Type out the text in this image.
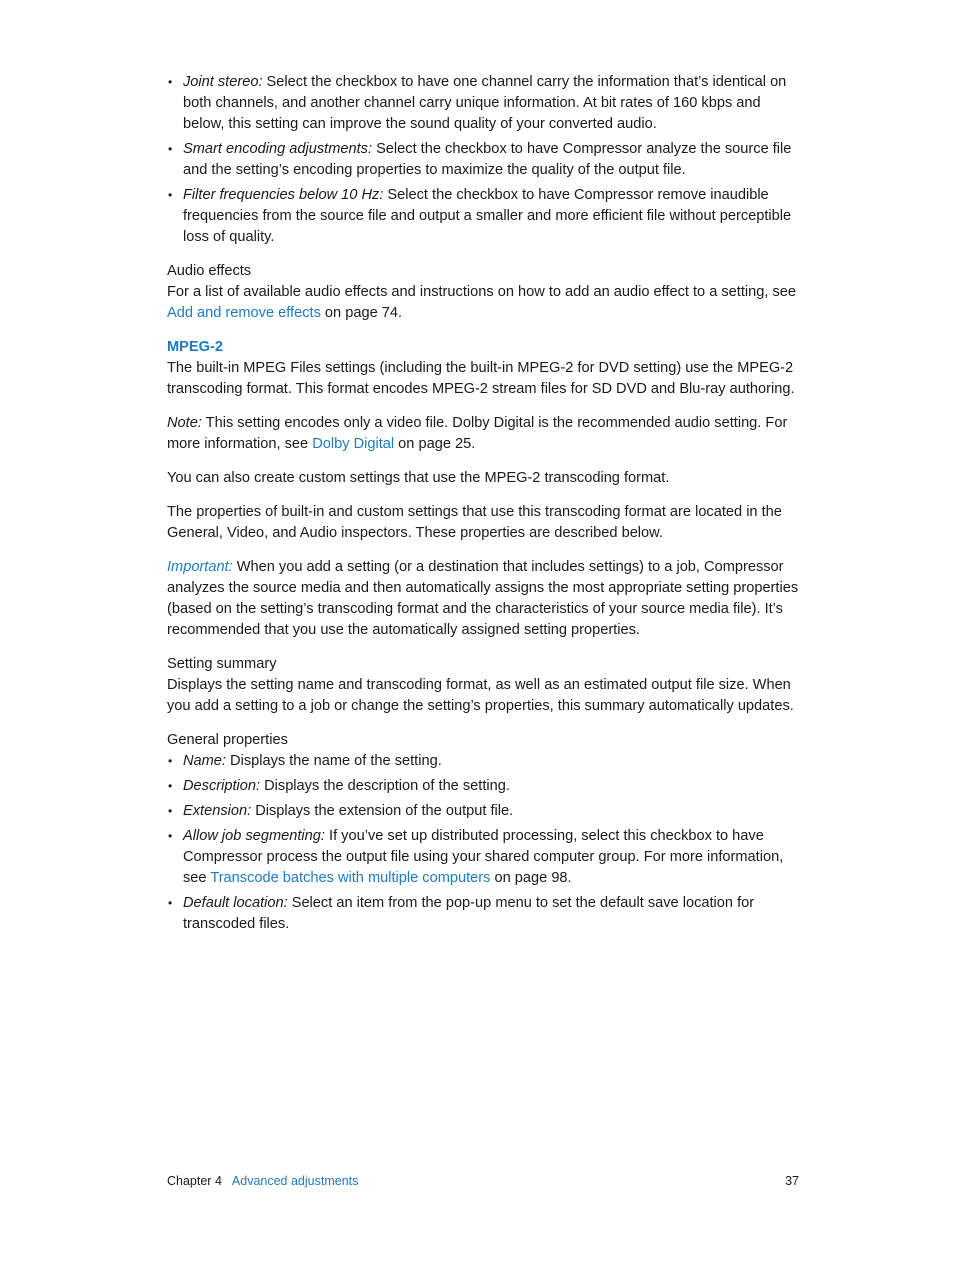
• Joint stereo: Select the checkbox to have one channel carry the information that’s identical on both channels, and another channel carry unique information. At bit rates of 160 kbps and below, this setting can improve the sound quality of your converted audio.
• Smart encoding adjustments: Select the checkbox to have Compressor analyze the source file and the setting’s encoding properties to maximize the quality of the output file.
• Filter frequencies below 10 Hz: Select the checkbox to have Compressor remove inaudible frequencies from the source file and output a smaller and more efficient file without perceptible loss of quality.
Audio effects

For a list of available audio effects and instructions on how to add an audio effect to a setting, see Add and remove effects on page 74.

MPEG-2

The built-in MPEG Files settings (including the built-in MPEG-2 for DVD setting) use the MPEG-2 transcoding format. This format encodes MPEG-2 stream files for SD DVD and Blu-ray authoring.

Note: This setting encodes only a video file. Dolby Digital is the recommended audio setting. For more information, see Dolby Digital on page 25.

You can also create custom settings that use the MPEG-2 transcoding format.

The properties of built-in and custom settings that use this transcoding format are located in the General, Video, and Audio inspectors. These properties are described below.

Important: When you add a setting (or a destination that includes settings) to a job, Compressor analyzes the source media and then automatically assigns the most appropriate setting properties (based on the setting’s transcoding format and the characteristics of your source media file). It’s recommended that you use the automatically assigned setting properties.

Setting summary

Displays the setting name and transcoding format, as well as an estimated output file size. When you add a setting to a job or change the setting’s properties, this summary automatically updates.

General properties
• Name: Displays the name of the setting.
• Description: Displays the description of the setting.
• Extension: Displays the extension of the output file.
• Allow job segmenting: If you’ve set up distributed processing, select this checkbox to have Compressor process the output file using your shared computer group. For more information, see Transcode batches with multiple computers on page 98.
• Default location: Select an item from the pop-up menu to set the default save location for transcoded files.
Chapter 4 Advanced adjustments	37
